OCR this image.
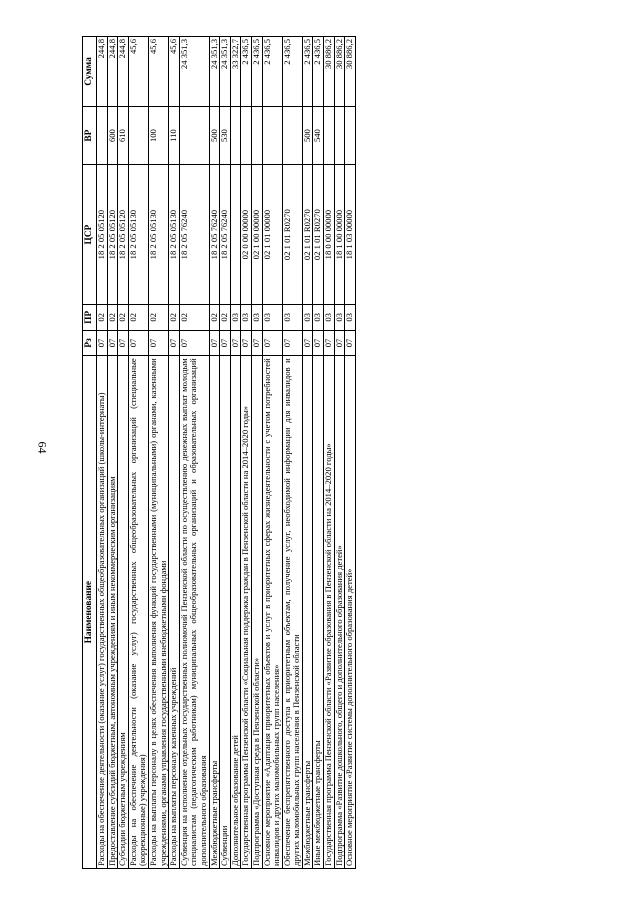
64
Наименование	Рз	ПР	ЦСР	ВР	Сумма
Расходы на обеспечение деятельности (оказание услуг) государственных общеобразовательных организаций (школы-интернаты)	07	02	18 2 05 05120		244,8
Предоставление субсидий бюджетным, автономным учреждениям и иным некоммерческим организациям	07	02	18 2 05 05120	600	244,8
Субсидии бюджетным учреждениям	07	02	18 2 05 05120	610	244,8
Расходы на обеспечение деятельности (оказание услуг) государственных общеобразовательных организаций (специальные (коррекционные) учреждения)	07	02	18 2 05 05130		45,6
Расходы на выплаты персоналу в целях обеспечения выполнения функций государственными (муниципальными) органами, казенными учреждениями, органами управления государственными внебюджетными фондами	07	02	18 2 05 05130	100	45,6
Расходы на выплаты персоналу казенных учреждений	07	02	18 2 05 05130	110	45,6
Субвенция на исполнение отдельных государственных полномочий Пензенской области по осуществлению денежных выплат молодым специалистам (педагогическим работникам) муниципальных общеобразовательных организаций и образовательных организаций дополнительного образования	07	02	18 2 05 76240		24 351,3
Межбюджетные трансферты	07	02	18 2 05 76240	500	24 351,3
Субвенции	07	02	18 2 05 76240	530	24 351,3
Дополнительное образование детей	07	03			33 322,7
Государственная программа Пензенской области «Социальная поддержка граждан в Пензенской области на 2014–2020 годы»	07	03	02 0 00 00000		2 436,5
Подпрограмма «Доступная среда в Пензенской области»	07	03	02 1 00 00000		2 436,5
Основное мероприятие «Адаптация приоритетных объектов и услуг в приоритетных сферах жизнедеятельности с учетом потребностей инвалидов и других маломобильных групп населения»	07	03	02 1 01 00000		2 436,5
Обеспечение беспрепятственного доступа к приоритетным объектам, получение услуг, необходимой информации для инвалидов и других маломобильных групп населения в Пензенской области	07	03	02 1 01 R0270		2 436,5
Межбюджетные трансферты	07	03	02 1 01 R0270	500	2 436,5
Иные межбюджетные трансферты	07	03	02 1 01 R0270	540	2 436,5
Государственная программа Пензенской области «Развитие образования в Пензенской области на 2014–2020 годы»	07	03	18 0 00 00000		30 886,2
Подпрограмма «Развитие дошкольного, общего и дополнительного образования детей»	07	03	18 1 00 00000		30 886,2
Основное мероприятие «Развитие системы дополнительного образования детей»	07	03	18 1 03 00000		30 886,2
